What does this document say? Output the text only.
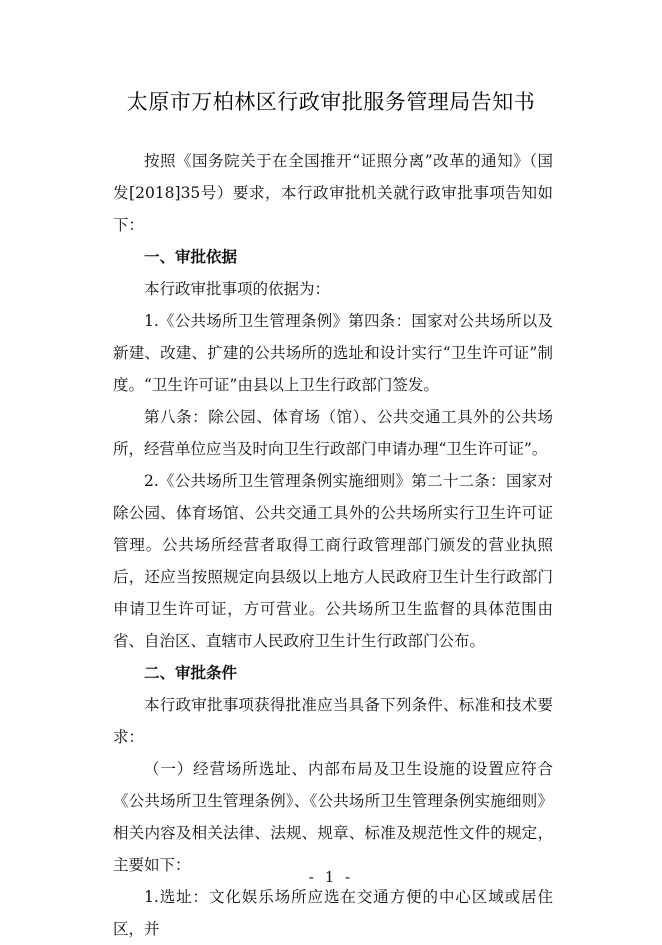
太原市万柏林区行政审批服务管理局告知书

按照《国务院关于在全国推开“证照分离”改革的通知》（国发[2018]35号）要求，本行政审批机关就行政审批事项告知如下：

一、审批依据

本行政审批事项的依据为：

1.《公共场所卫生管理条例》第四条：国家对公共场所以及新建、改建、扩建的公共场所的选址和设计实行“卫生许可证”制度。“卫生许可证”由县以上卫生行政部门签发。

第八条：除公园、体育场（馆）、公共交通工具外的公共场所，经营单位应当及时向卫生行政部门申请办理“卫生许可证”。

2.《公共场所卫生管理条例实施细则》第二十二条：国家对除公园、体育场馆、公共交通工具外的公共场所实行卫生许可证管理。公共场所经营者取得工商行政管理部门颁发的营业执照后，还应当按照规定向县级以上地方人民政府卫生计生行政部门申请卫生许可证，方可营业。公共场所卫生监督的具体范围由省、自治区、直辖市人民政府卫生计生行政部门公布。

二、审批条件

本行政审批事项获得批准应当具备下列条件、标准和技术要求：

（一）经营场所选址、内部布局及卫生设施的设置应符合《公共场所卫生管理条例》、《公共场所卫生管理条例实施细则》相关内容及相关法律、法规、规章、标准及规范性文件的规定，主要如下：

1.选址：文化娱乐场所应选在交通方便的中心区域或居住区，并

- 1 -
